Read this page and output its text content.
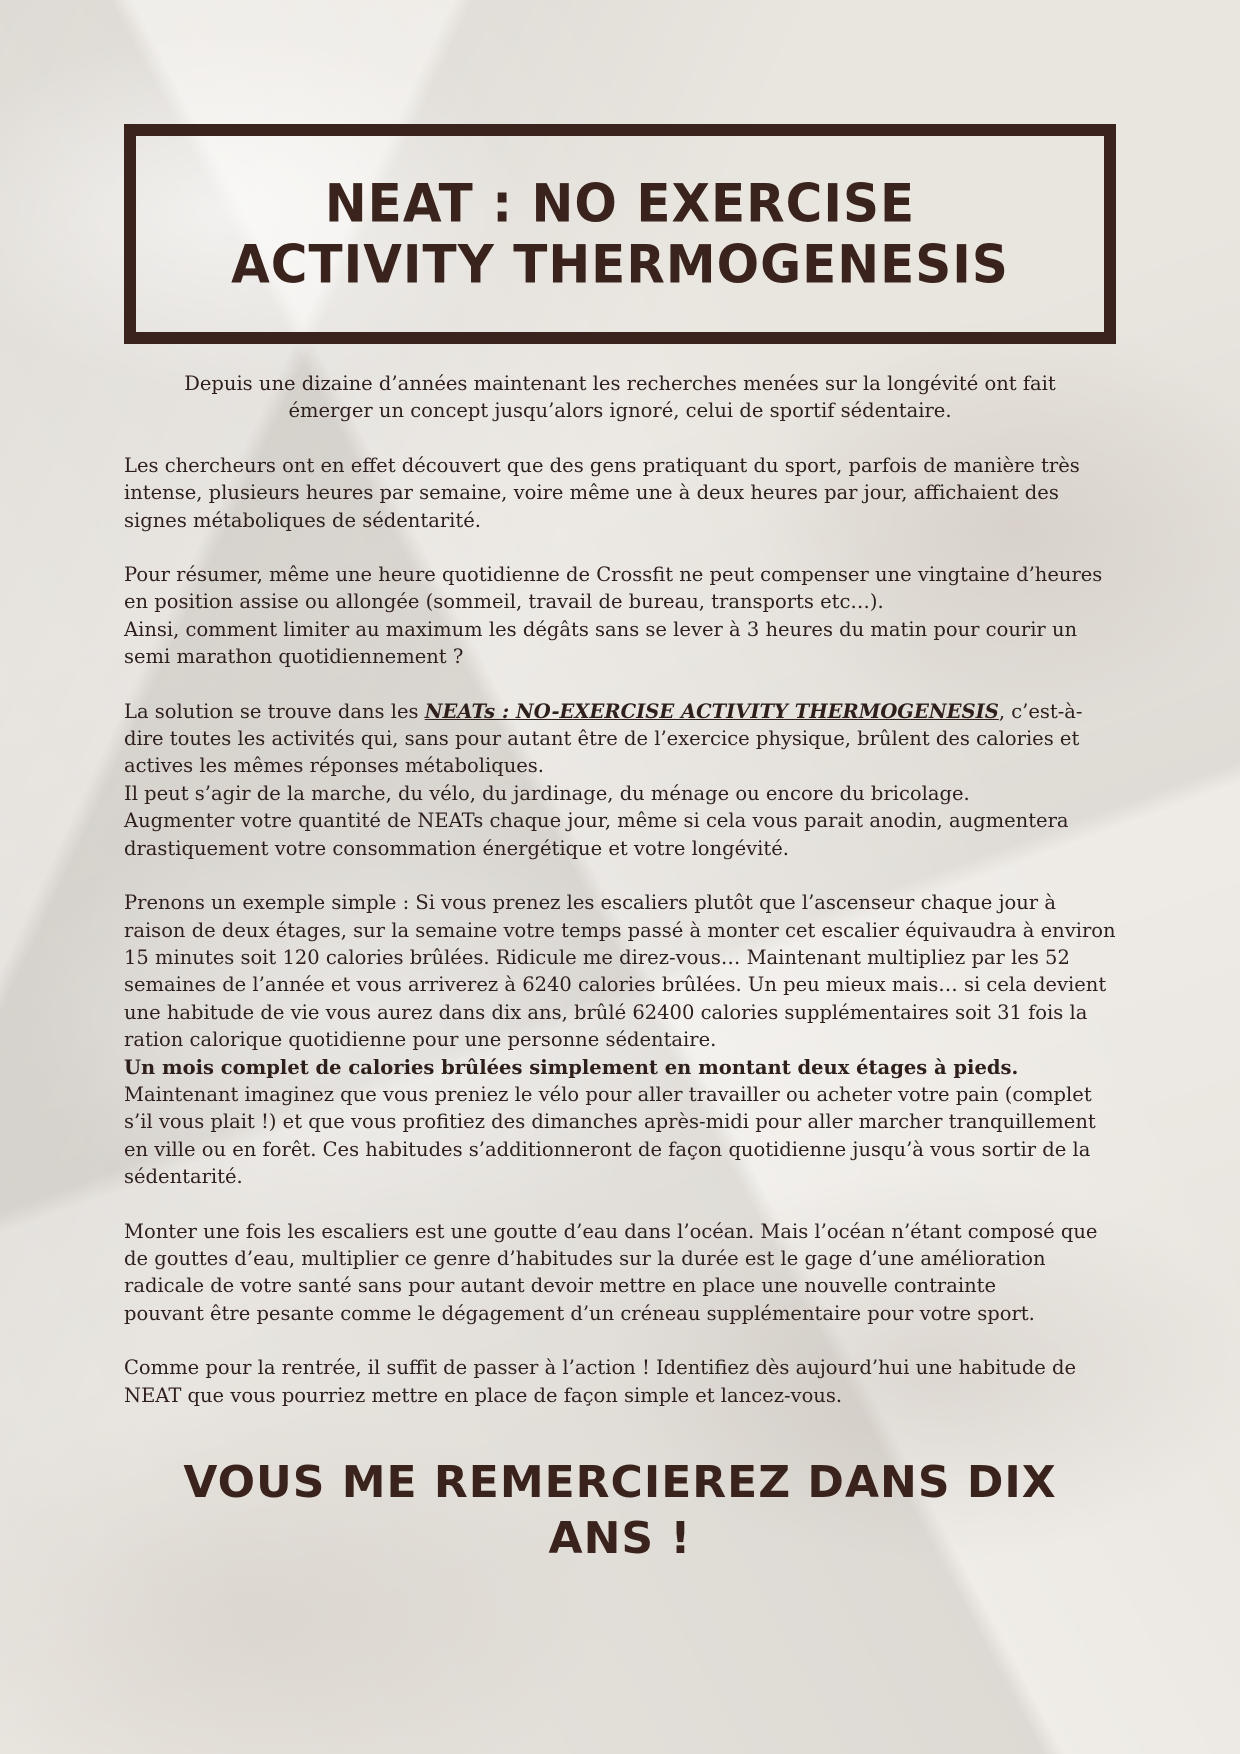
NEAT : NO EXERCISE ACTIVITY THERMOGENESIS

Depuis une dizaine d’années maintenant les recherches menées sur la longévité ont fait émerger un concept jusqu’alors ignoré, celui de sportif sédentaire.

Les chercheurs ont en effet découvert que des gens pratiquant du sport, parfois de manière très intense, plusieurs heures par semaine, voire même une à deux heures par jour, affichaient des signes métaboliques de sédentarité.

Pour résumer, même une heure quotidienne de Crossfit ne peut compenser une vingtaine d’heures en position assise ou allongée (sommeil, travail de bureau, transports etc…).
Ainsi, comment limiter au maximum les dégâts sans se lever à 3 heures du matin pour courir un semi marathon quotidiennement ?

La solution se trouve dans les NEATs : NO-EXERCISE ACTIVITY THERMOGENESIS, c’est-à-dire toutes les activités qui, sans pour autant être de l’exercice physique, brûlent des calories et actives les mêmes réponses métaboliques.
Il peut s’agir de la marche, du vélo, du jardinage, du ménage ou encore du bricolage.
Augmenter votre quantité de NEATs chaque jour, même si cela vous parait anodin, augmentera drastiquement votre consommation énergétique et votre longévité.

Prenons un exemple simple : Si vous prenez les escaliers plutôt que l’ascenseur chaque jour à raison de deux étages, sur la semaine votre temps passé à monter cet escalier équivaudra à environ 15 minutes soit 120 calories brûlées. Ridicule me direz-vous… Maintenant multipliez par les 52 semaines de l’année et vous arriverez à 6240 calories brûlées. Un peu mieux mais… si cela devient une habitude de vie vous aurez dans dix ans, brûlé 62400 calories supplémentaires soit 31 fois la ration calorique quotidienne pour une personne sédentaire.
Un mois complet de calories brûlées simplement en montant deux étages à pieds.
Maintenant imaginez que vous preniez le vélo pour aller travailler ou acheter votre pain (complet s’il vous plait !) et que vous profitiez des dimanches après-midi pour aller marcher tranquillement en ville ou en forêt. Ces habitudes s’additionneront de façon quotidienne jusqu’à vous sortir de la sédentarité.

Monter une fois les escaliers est une goutte d’eau dans l’océan. Mais l’océan n’étant composé que de gouttes d’eau, multiplier ce genre d’habitudes sur la durée est le gage d’une amélioration radicale de votre santé sans pour autant devoir mettre en place une nouvelle contrainte
pouvant être pesante comme le dégagement d’un créneau supplémentaire pour votre sport.

Comme pour la rentrée, il suffit de passer à l’action ! Identifiez dès aujourd’hui une habitude de NEAT que vous pourriez mettre en place de façon simple et lancez-vous.

VOUS ME REMERCIEREZ DANS DIX ANS !
